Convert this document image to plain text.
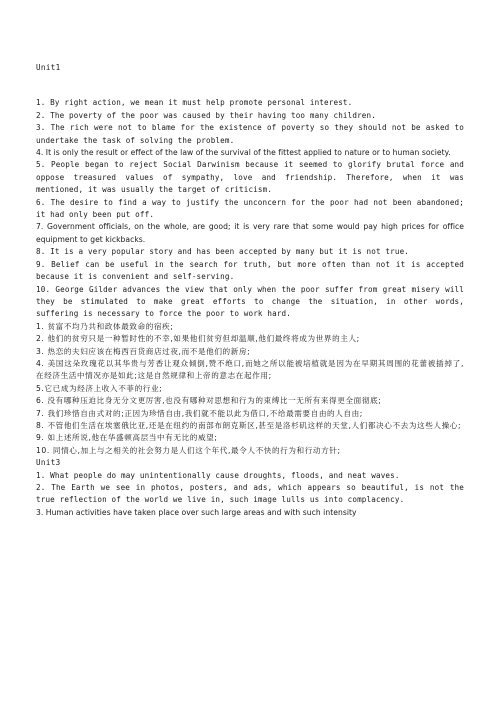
Unit1

1. By right action, we mean it must help promote personal interest.

2. The poverty of the poor was caused by their having too many children.

3. The rich were not to blame for the existence of poverty so they should not be asked to undertake the task of solving the problem.

4. It is only the result or effect of the law of the survival of the fittest applied to nature or to human society.

5. People began to reject Social Darwinism because it seemed to glorify brutal force and oppose treasured values of sympathy, love and friendship. Therefore, when it was mentioned, it was usually the target of criticism.

6. The desire to find a way to justify the unconcern for the poor had not been abandoned; it had only been put off.

7. Government officials, on the whole, are good; it is very rare that some would pay high prices for office equipment to get kickbacks.

8. It is a very popular story and has been accepted by many but it is not true.

9. Belief can be useful in the search for truth, but more often than not it is accepted because it is convenient and self-serving.

10. George Gilder advances the view that only when the poor suffer from great misery will they be stimulated to make great efforts to change the situation, in other words, suffering is necessary to force the poor to work hard.

1. 贫富不均乃共和政体最致命的宿疾;

2. 他们的贫穷只是一种暂时性的不幸,如果他们贫穷但却温顺,他们最终将成为世界的主人;

3. 热恋的夫妇应该在梅西百货商店过夜,而不是他们的新房;

4. 美国这朵玫瑰花以其华贵与芳香让观众倾倒,赞不绝口,而她之所以能被培植就是因为在早期其周围的花蕾被插掉了,在经济生活中情况亦是如此;这是自然规律和上帝的意志在起作用;

5.它已成为经济上收入不菲的行业;

6. 没有哪种压迫比身无分文更厉害,也没有哪种对思想和行为的束缚比一无所有来得更全面彻底;

7. 我们珍惜自由式对的;正因为珍惜自由,我们就不能以此为借口,不给最需要自由的人自由;

8. 不管他们生活在埃塞俄比亚,还是在纽约的南部布朗克斯区,甚至是洛杉矶这样的天堂,人们都决心不去为这些人操心;

9. 如上述所说,他在华盛顿高层当中有无比的威望;

10. 同情心,加上与之相关的社会努力是人们这个年代,最令人不快的行为和行动方针;

Unit3

1. What people do may unintentionally cause droughts, floods, and neat waves.

2. The Earth we see in photos, posters, and ads, which appears so beautiful, is not the true reflection of the world we live in, such image lulls us into complacency.

3. Human activities have taken place over such large areas and with such intensity
